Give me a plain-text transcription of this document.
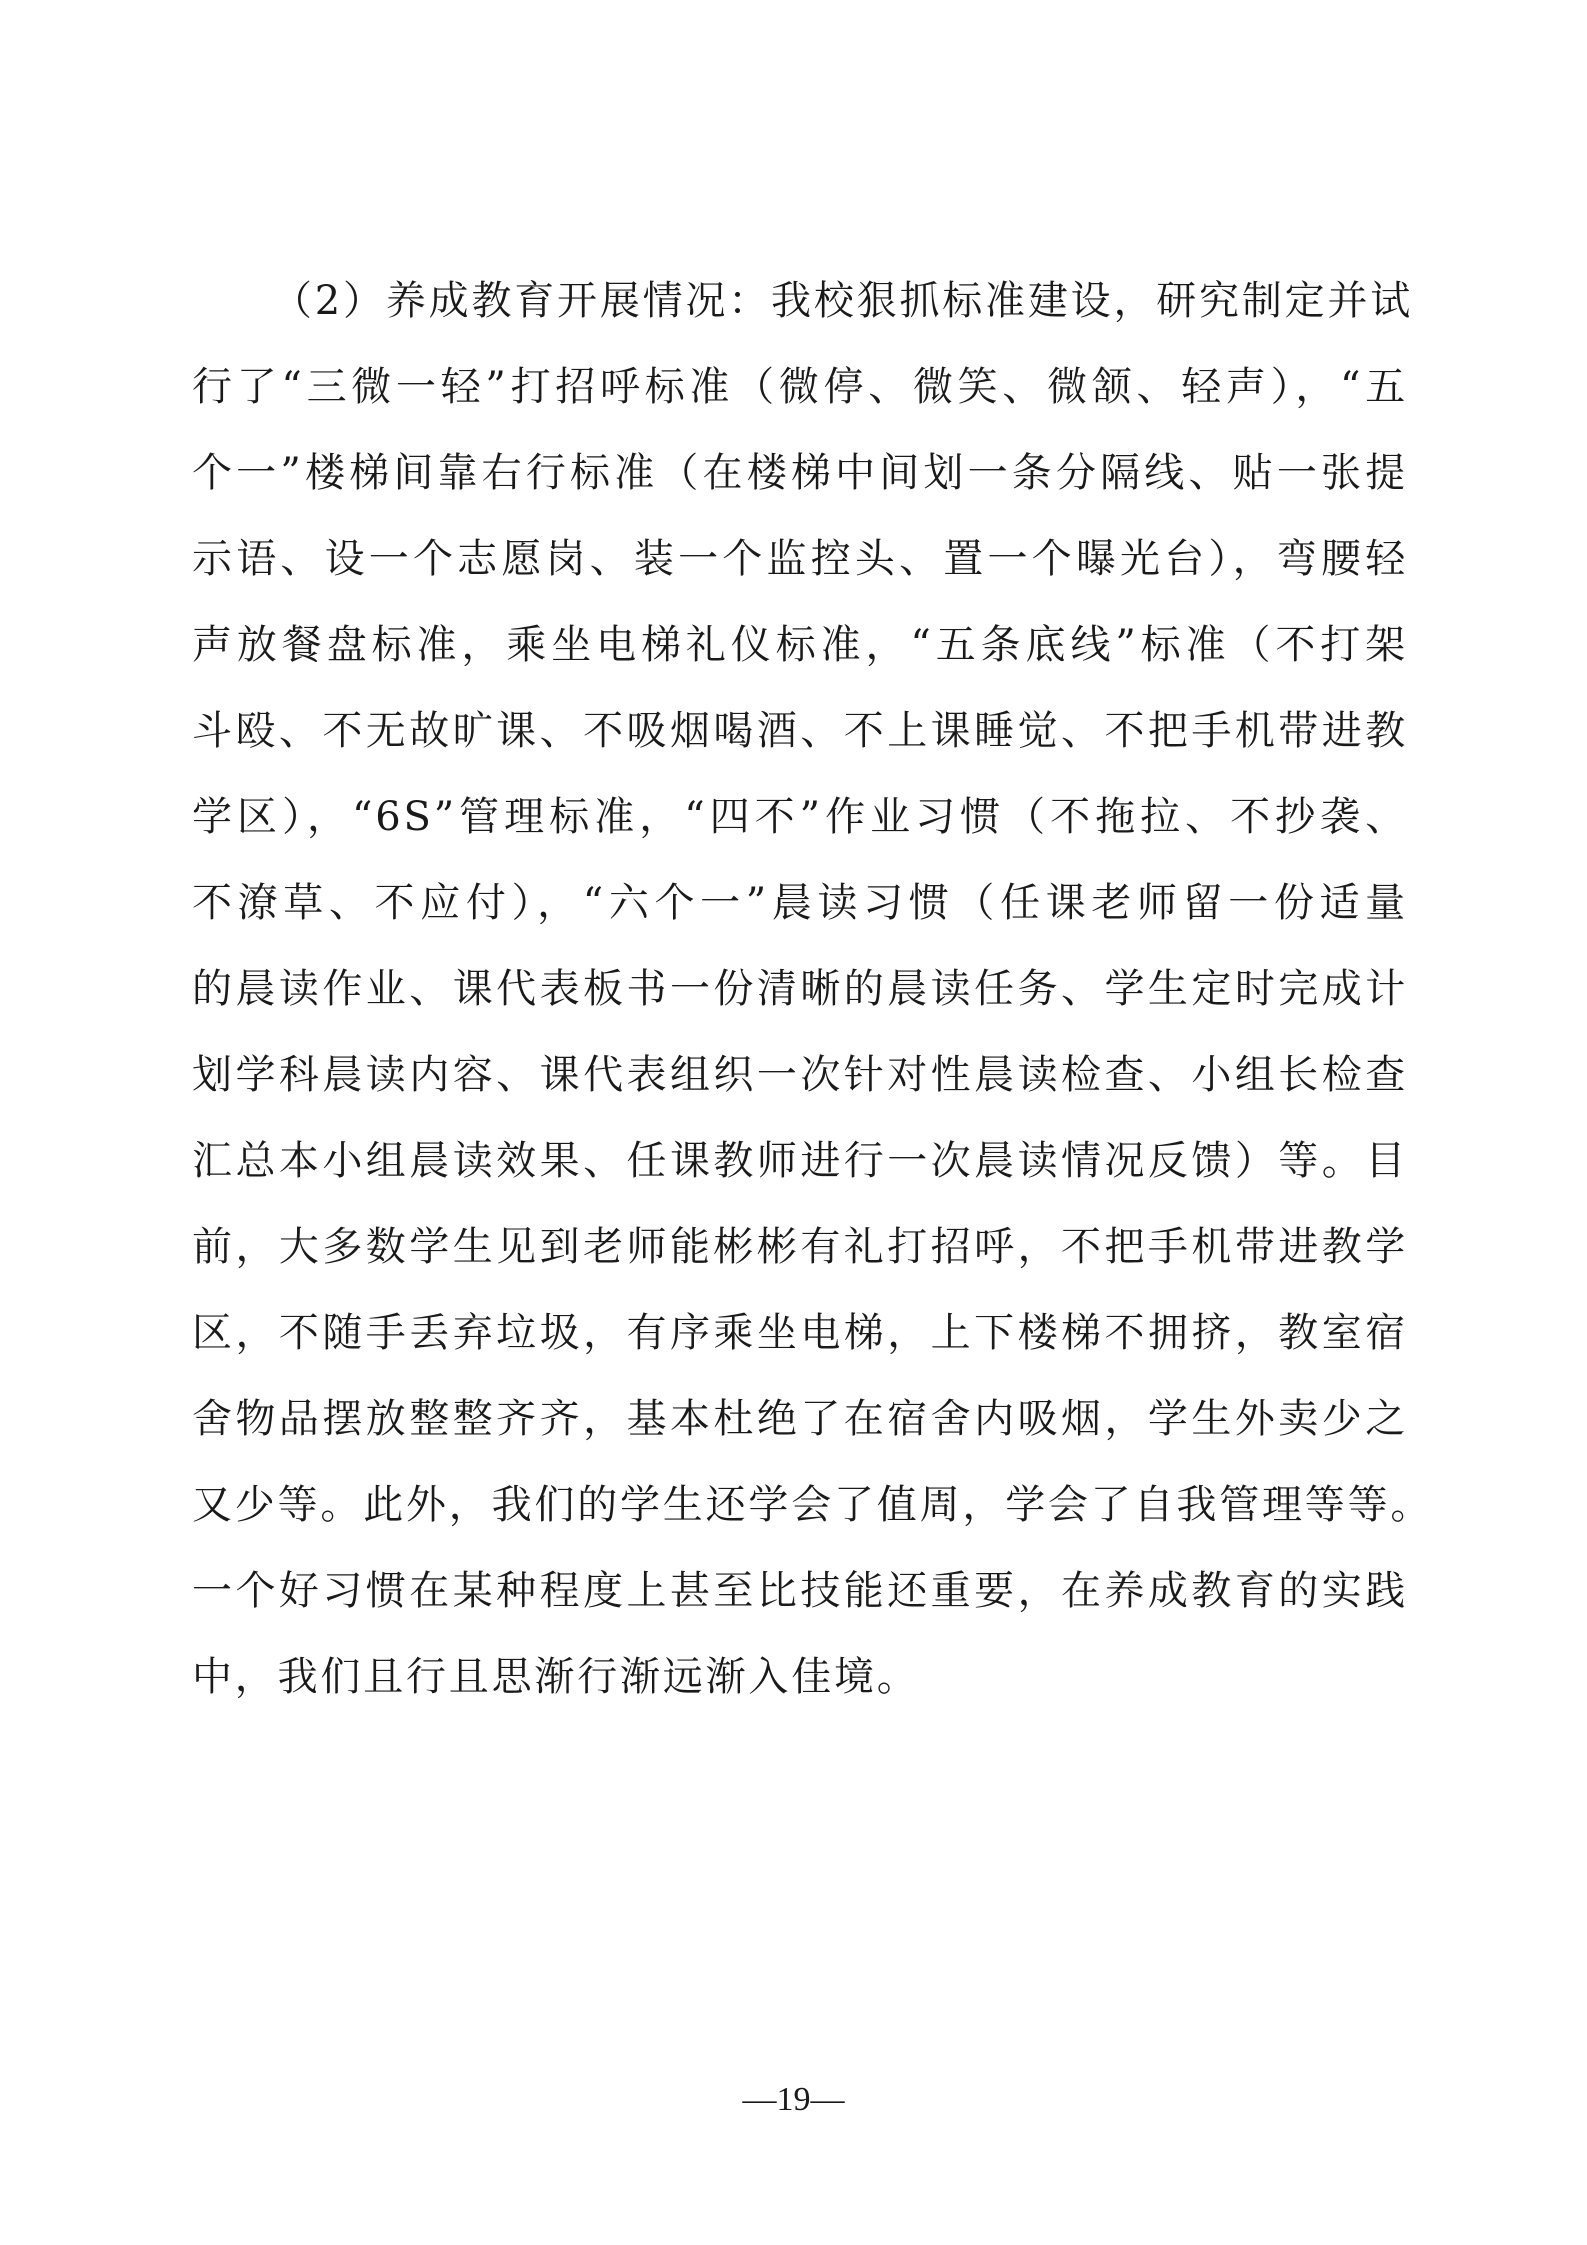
（2）养成教育开展情况：我校狠抓标准建设，研究制定并试
行了“三微一轻”打招呼标准（微停、微笑、微颔、轻声），“五
个一”楼梯间靠右行标准（在楼梯中间划一条分隔线、贴一张提
示语、设一个志愿岗、装一个监控头、置一个曝光台），弯腰轻
声放餐盘标准，乘坐电梯礼仪标准，“五条底线”标准（不打架
斗殴、不无故旷课、不吸烟喝酒、不上课睡觉、不把手机带进教
学区），“6S”管理标准，“四不”作业习惯（不拖拉、不抄袭、
不潦草、不应付），“六个一”晨读习惯（任课老师留一份适量
的晨读作业、课代表板书一份清晰的晨读任务、学生定时完成计
划学科晨读内容、课代表组织一次针对性晨读检查、小组长检查
汇总本小组晨读效果、任课教师进行一次晨读情况反馈）等。目
前，大多数学生见到老师能彬彬有礼打招呼，不把手机带进教学
区，不随手丢弃垃圾，有序乘坐电梯，上下楼梯不拥挤，教室宿
舍物品摆放整整齐齐，基本杜绝了在宿舍内吸烟，学生外卖少之
又少等。此外，我们的学生还学会了值周，学会了自我管理等等。
一个好习惯在某种程度上甚至比技能还重要，在养成教育的实践
中，我们且行且思渐行渐远渐入佳境。
—19—
